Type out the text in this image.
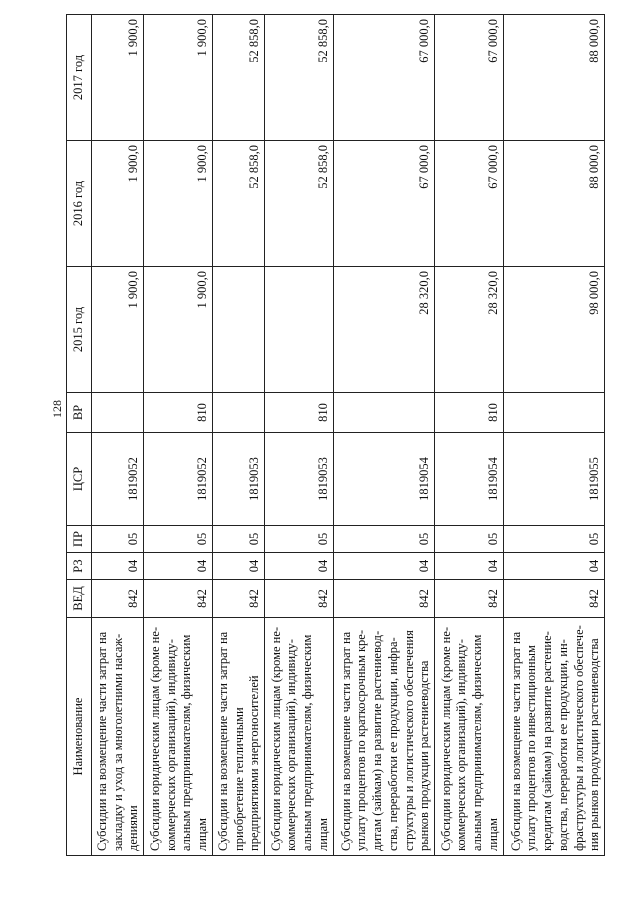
128
Наименование	ВЕД	РЗ	ПР	ЦСР	ВР	2015 год	2016 год	2017 год
Субсидии на возмещение части затрат на закладку и уход за многолетними насаж-дениями	842	04	05	1819052		1 900,0	1 900,0	1 900,0
Субсидии юридическим лицам (кроме не-коммерческих организаций), индивиду-альным предпринимателям, физическим лицам	842	04	05	1819052	810	1 900,0	1 900,0	1 900,0
Субсидии на возмещение части затрат на приобретение тепличными предприятиями энергоносителей	842	04	05	1819053			52 858,0	52 858,0
Субсидии юридическим лицам (кроме не-коммерческих организаций), индивиду-альным предпринимателям, физическим лицам	842	04	05	1819053	810		52 858,0	52 858,0
Субсидии на возмещение части затрат на уплату процентов по краткосрочным кре-дитам (займам) на развитие растениевод-ства, переработки ее продукции, инфра-структуры и логистического обеспечения рынков продукции растениеводства	842	04	05	1819054		28 320,0	67 000,0	67 000,0
Субсидии юридическим лицам (кроме не-коммерческих организаций), индивиду-альным предпринимателям, физическим лицам	842	04	05	1819054	810	28 320,0	67 000,0	67 000,0
Субсидии на возмещение части затрат на уплату процентов по инвестиционным кредитам (займам) на развитие растение-водства, переработки ее продукции, ин-фраструктуры и логистического обеспече-ния рынков продукции растениеводства	842	04	05	1819055		98 000,0	88 000,0	88 000,0
